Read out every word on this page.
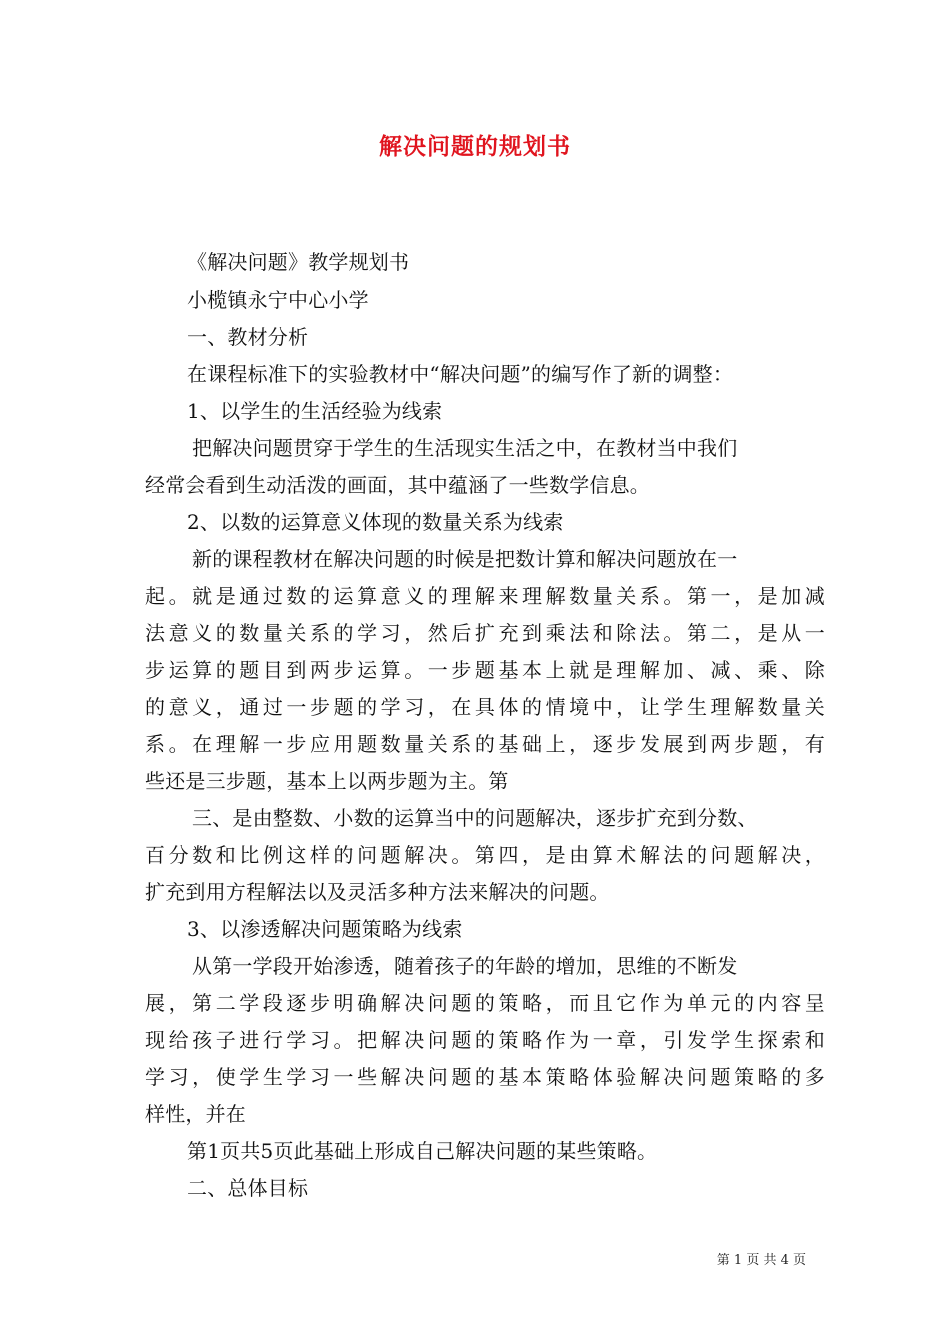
解决问题的规划书
《解决问题》教学规划书
小榄镇永宁中心小学
一、教材分析
在课程标准下的实验教材中“解决问题”的编写作了新的调整：
1、以学生的生活经验为线索
把解决问题贯穿于学生的生活现实生活之中，在教材当中我们
经常会看到生动活泼的画面，其中蕴涵了一些数学信息。
2、以数的运算意义体现的数量关系为线索
新的课程教材在解决问题的时候是把数计算和解决问题放在一
起。就是通过数的运算意义的理解来理解数量关系。第一，是加减
法意义的数量关系的学习，然后扩充到乘法和除法。第二，是从一
步运算的题目到两步运算。一步题基本上就是理解加、减、乘、除
的意义，通过一步题的学习，在具体的情境中，让学生理解数量关
系。在理解一步应用题数量关系的基础上，逐步发展到两步题，有
些还是三步题，基本上以两步题为主。第
三、是由整数、小数的运算当中的问题解决，逐步扩充到分数、
百分数和比例这样的问题解决。第四，是由算术解法的问题解决，
扩充到用方程解法以及灵活多种方法来解决的问题。
3、以渗透解决问题策略为线索
从第一学段开始渗透，随着孩子的年龄的增加，思维的不断发
展，第二学段逐步明确解决问题的策略，而且它作为单元的内容呈
现给孩子进行学习。把解决问题的策略作为一章，引发学生探索和
学习，使学生学习一些解决问题的基本策略体验解决问题策略的多
样性，并在
第1页共5页此基础上形成自己解决问题的某些策略。
二、总体目标
第 1 页 共 4 页
